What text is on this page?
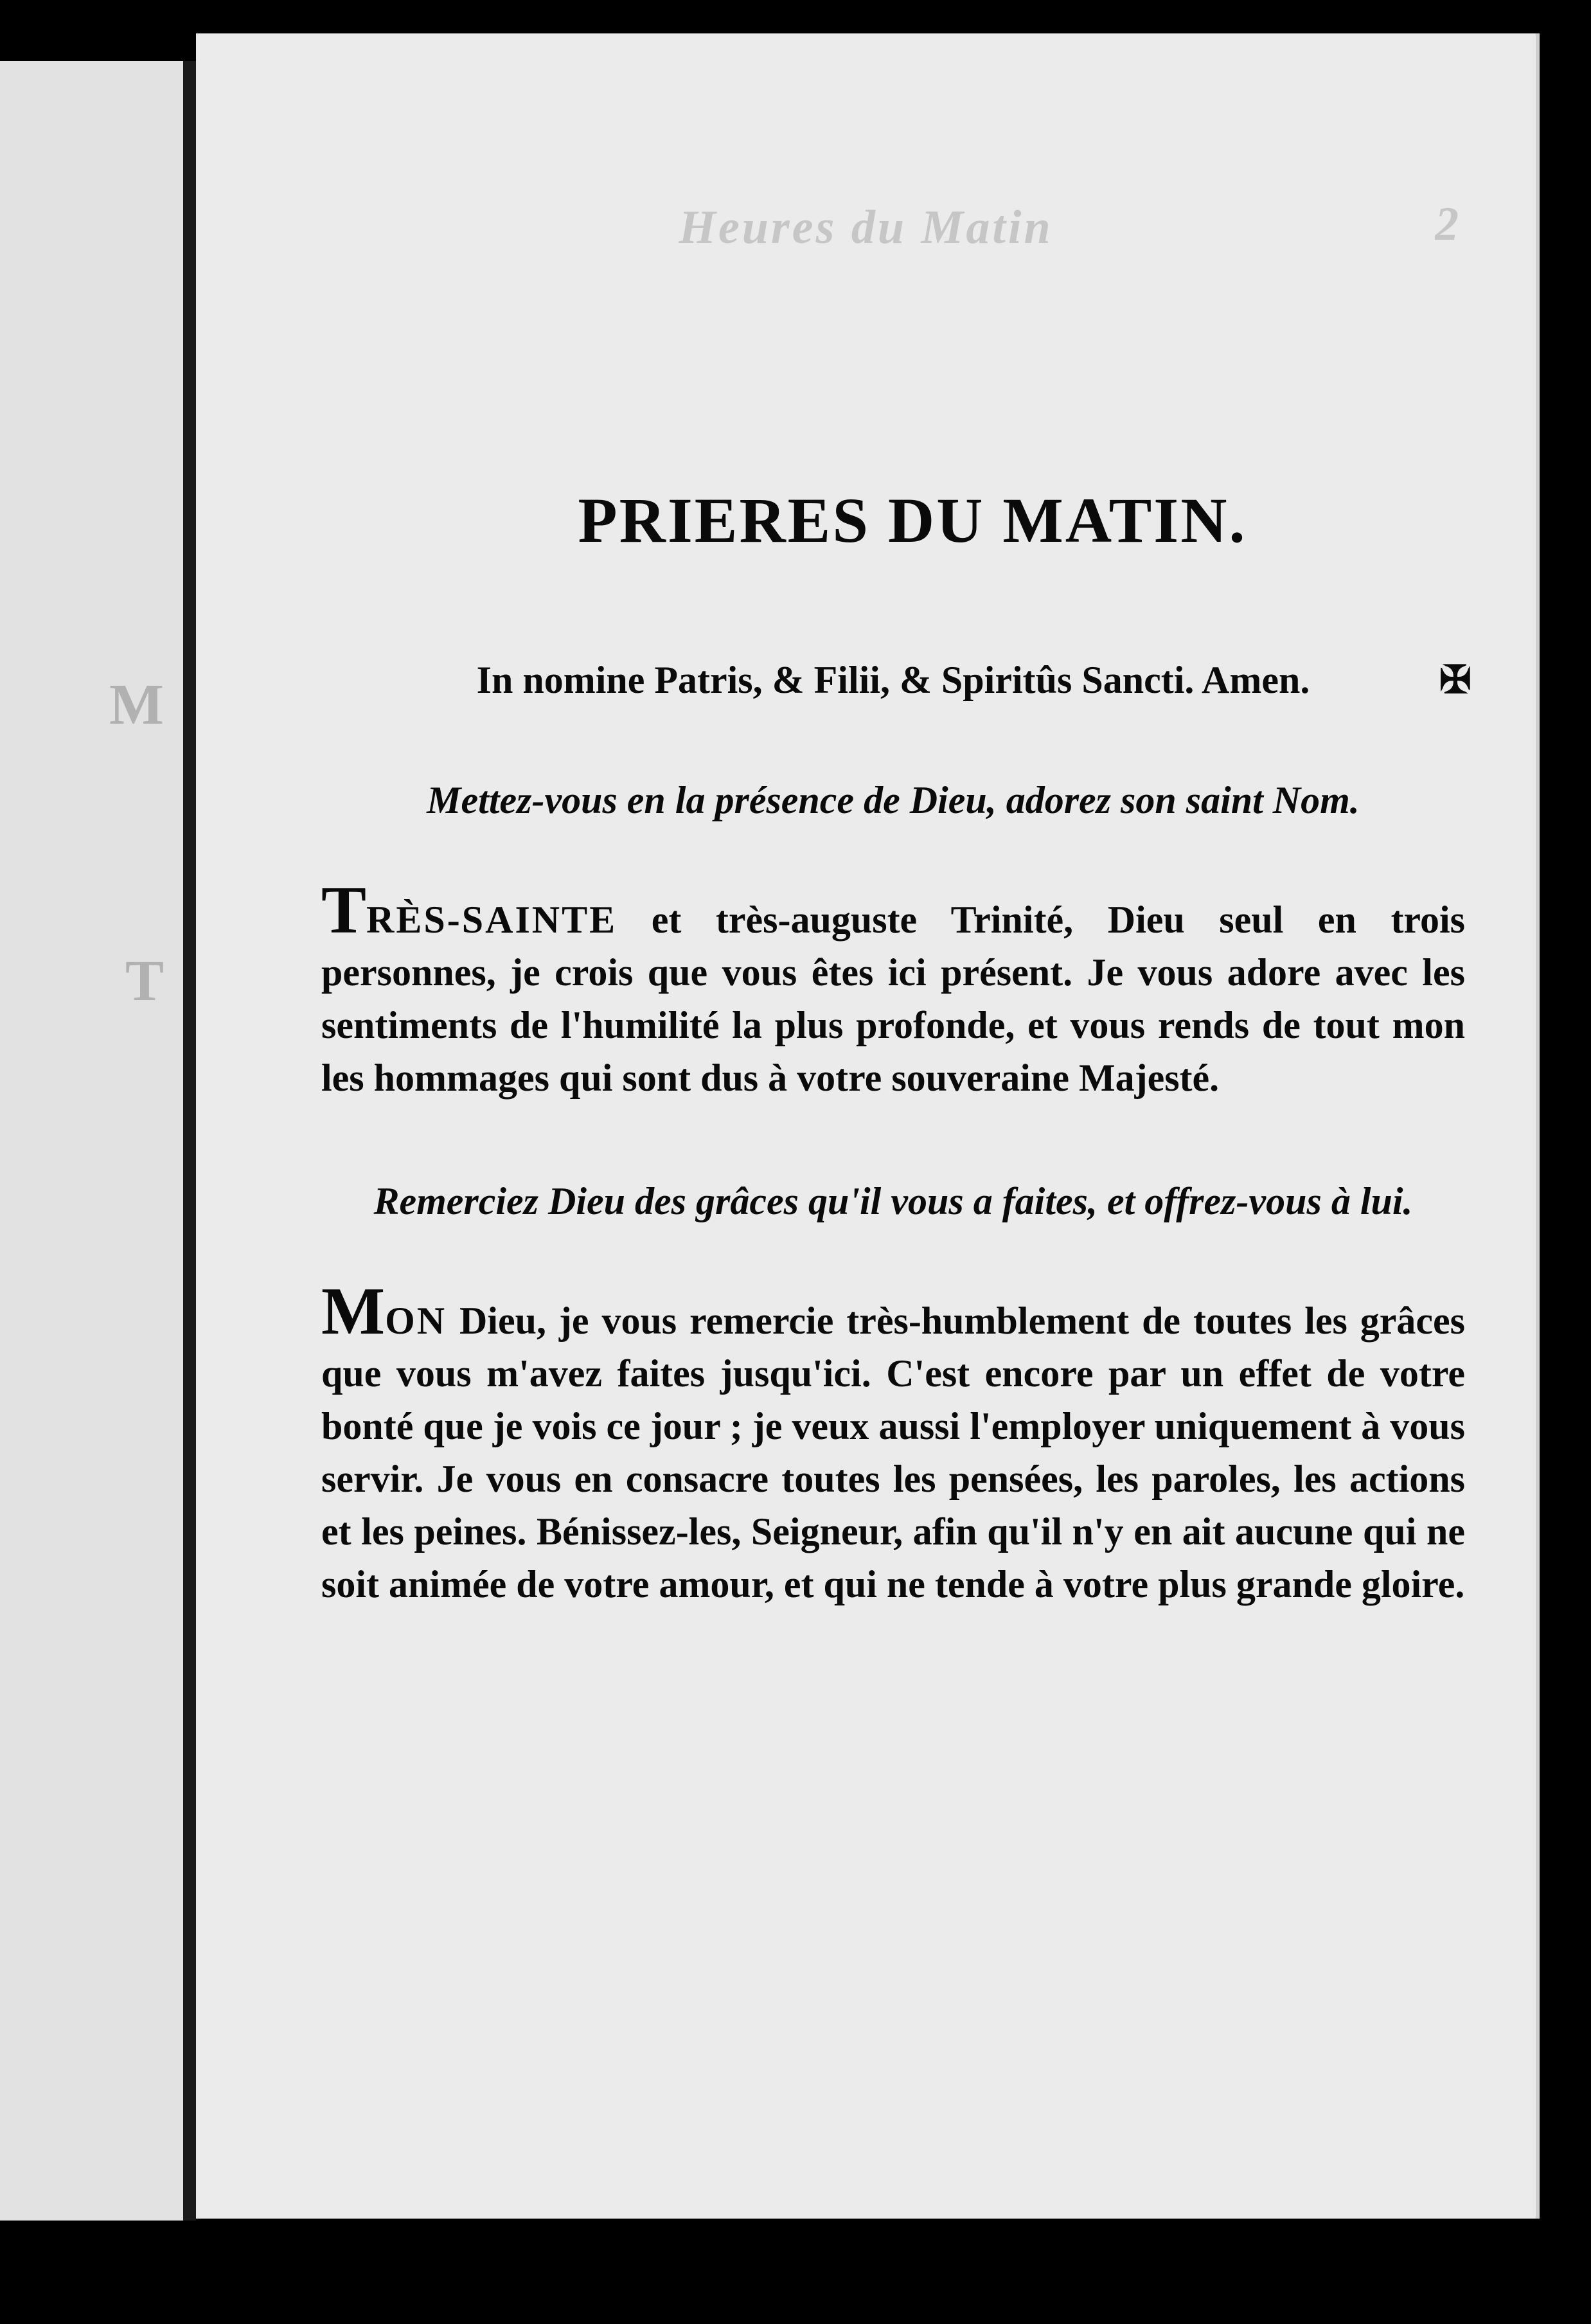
M
T
Heures du Matin	2
PRIERES DU MATIN.
In nomine Patris, & Filii, & Spiritûs Sancti. Amen.	✠
Mettez-vous en la présence de Dieu, adorez son saint Nom.
TRÈS-SAINTE et très-auguste Trinité, Dieu seul en trois personnes, je crois que vous êtes ici présent. Je vous adore avec les sentiments de l'humilité la plus profonde, et vous rends de tout mon les hommages qui sont dus à votre souveraine Majesté.
Remerciez Dieu des grâces qu'il vous a faites, et offrez-vous à lui.
MON Dieu, je vous remercie très-humblement de toutes les grâces que vous m'avez faites jusqu'ici. C'est encore par un effet de votre bonté que je vois ce jour ; je veux aussi l'employer uniquement à vous servir. Je vous en consacre toutes les pensées, les paroles, les actions et les peines. Bénissez-les, Seigneur, afin qu'il n'y en ait aucune qui ne soit animée de votre amour, et qui ne tende à votre plus grande gloire.
